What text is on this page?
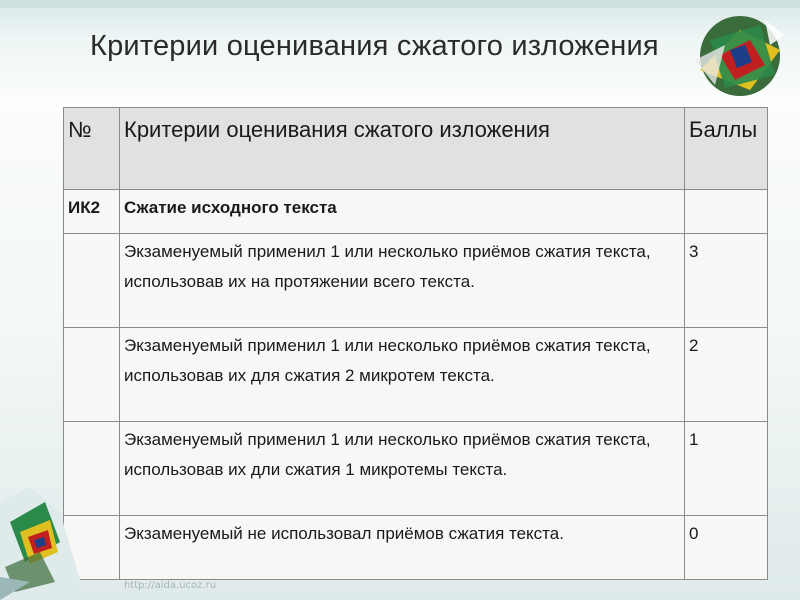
Критерии оценивания сжатого изложения
№	Критерии оценивания сжатого изложения	Баллы
ИК2	Сжатие исходного текста	
	Экзаменуемый применил 1 или несколько приёмов сжатия текста, использовав их на протяжении всего текста.	3
	Экзаменуемый применил 1 или несколько приёмов сжатия текста, использовав их для сжатия 2 микротем текста.	2
	Экзаменуемый применил 1 или несколько приёмов сжатия текста, использовав их дли сжатия 1 микротемы текста.	1
	Экзаменуемый не использовал приёмов сжатия текста.	0
http://aida.ucoz.ru
